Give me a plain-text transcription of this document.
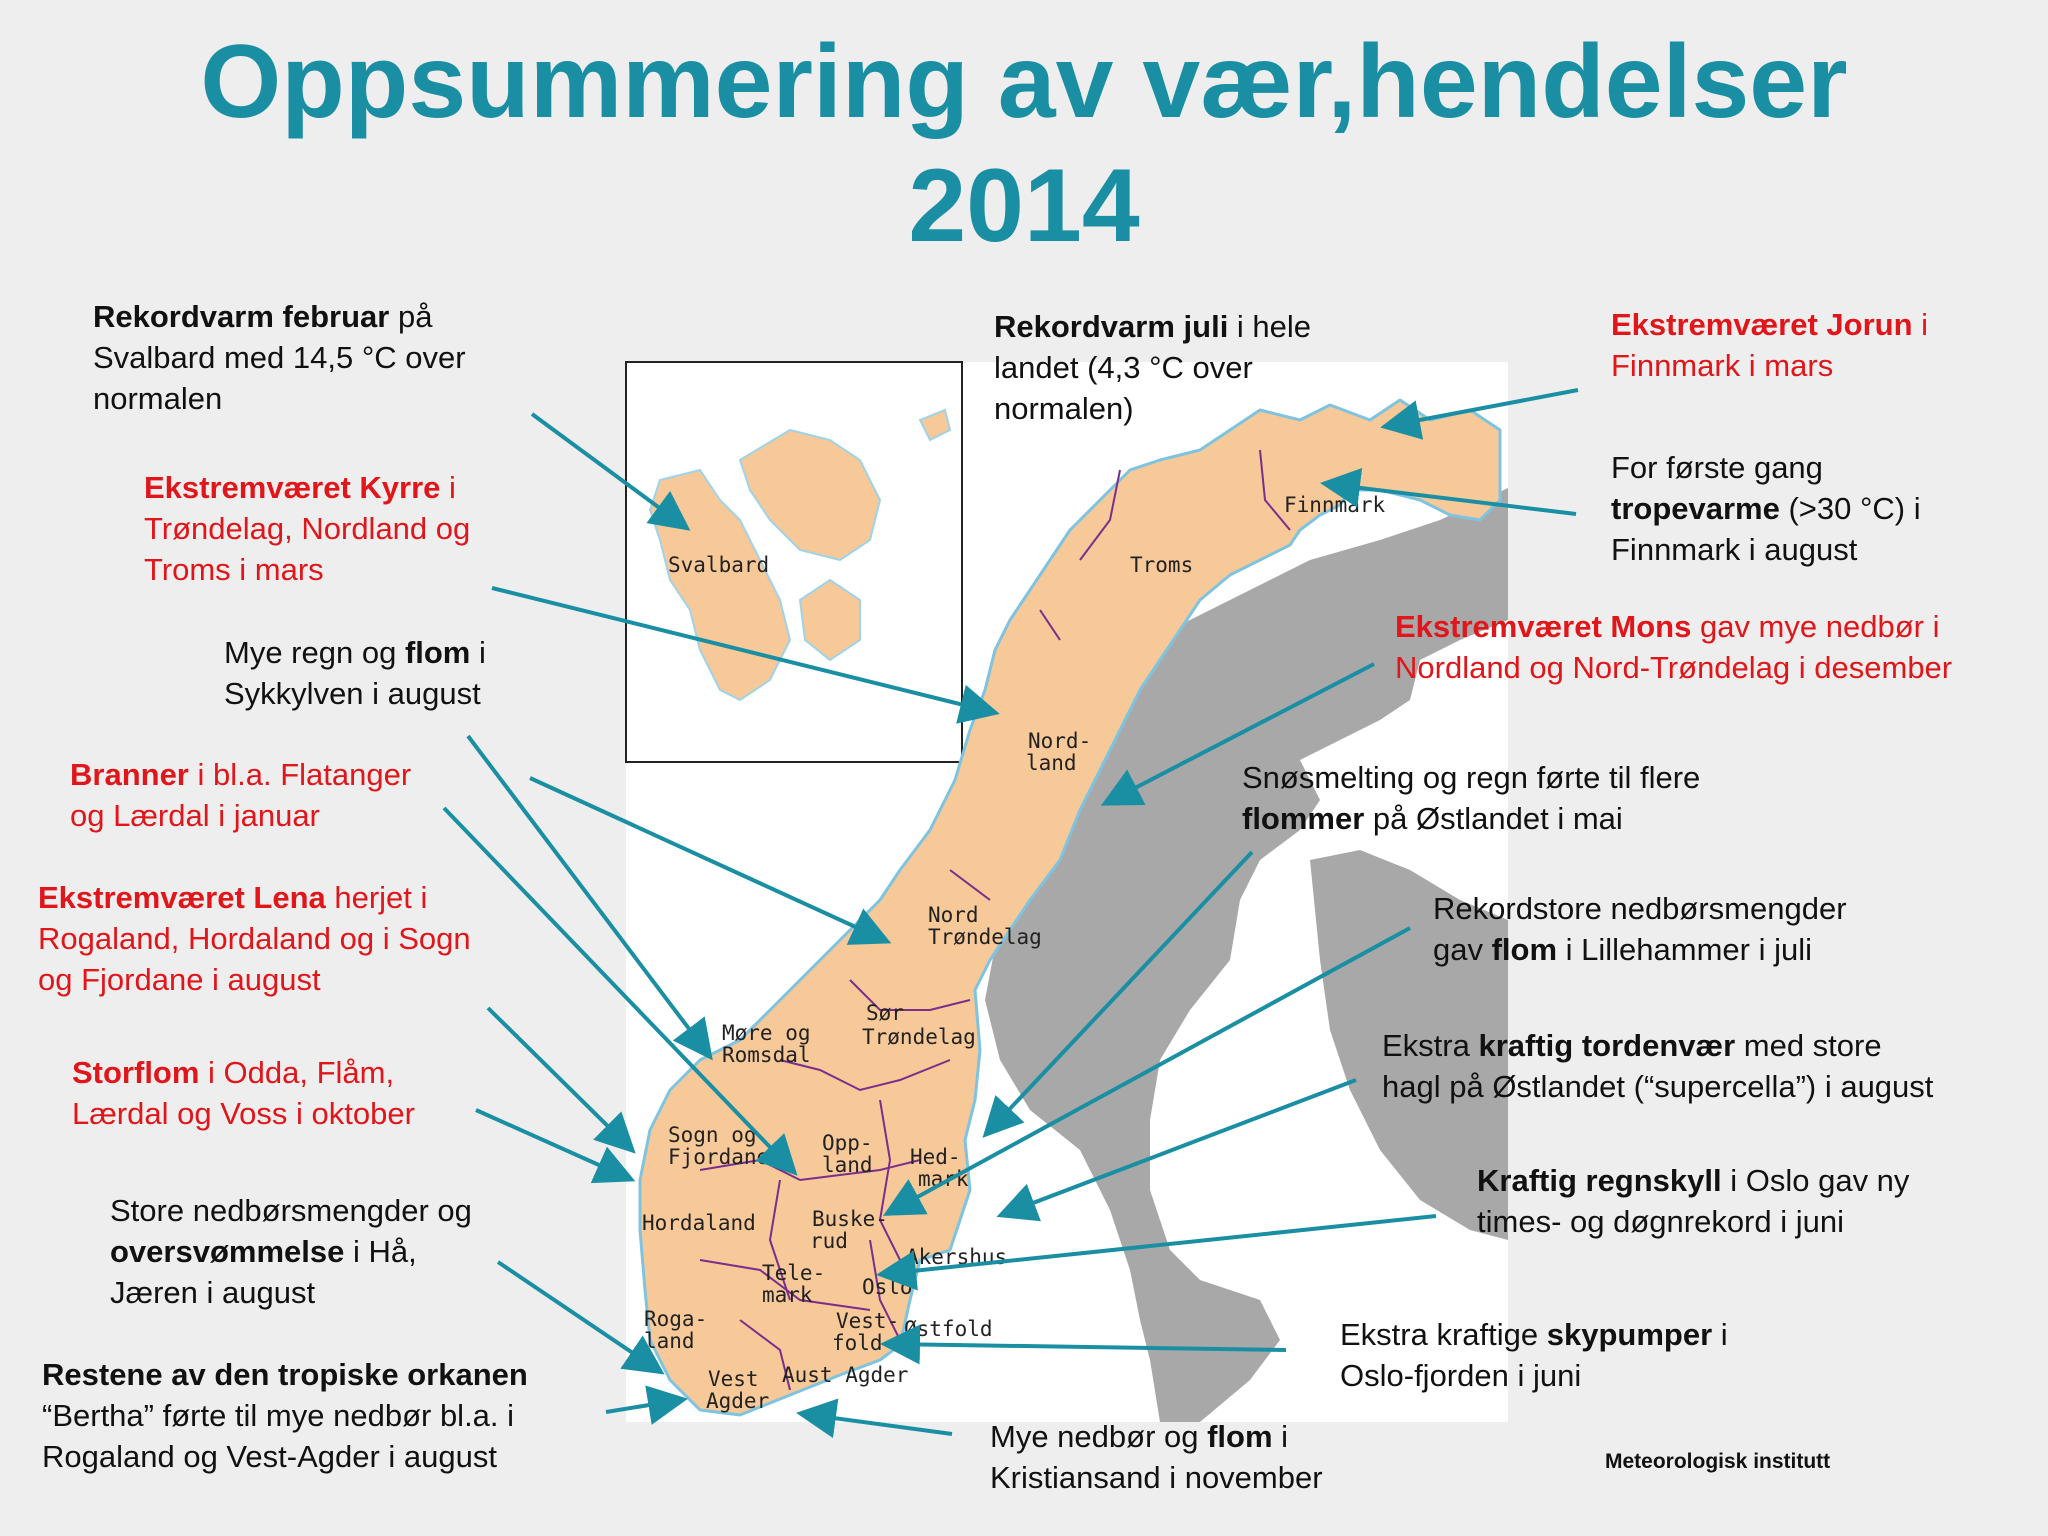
Oppsummering av vær,hendelser
2014
Svalbard
Finnmark
Troms
Nord-
land
Nord
Trøndelag
Sør
Trøndelag
Møre og
Romsdal
Sogn og
Fjordane
Opp-
land Hed-
mark
Hordaland	Buske-
rud
Akershus
Tele-
mark Oslo
Roga-
land
Vest-
fold
Østfold
Aust Agder
Vest
Agder
Rekordvarm februar på
Svalbard med 14,5 °C over
normalen
Ekstremværet Kyrre i
Trøndelag, Nordland og
Troms i mars
Mye regn og flom i
Sykkylven i august
Branner i bl.a. Flatanger
og Lærdal i januar
Ekstremværet Lena herjet i
Rogaland, Hordaland og i Sogn
og Fjordane i august
Storflom i Odda, Flåm,
Lærdal og Voss i oktober
Store nedbørsmengder og
oversvømmelse i Hå,
Jæren i august
Restene av den tropiske orkanen
“Bertha” førte til mye nedbør bl.a. i
Rogaland og Vest-Agder i august
Rekordvarm juli i hele
landet (4,3 °C over
normalen)
Ekstremværet Jorun i
Finnmark i mars
For første gang
tropevarme (>30 °C) i
Finnmark i august
Ekstremværet Mons gav mye nedbør i
Nordland og Nord-Trøndelag i desember
Snøsmelting og regn førte til flere
flommer på Østlandet i mai
Rekordstore nedbørsmengder
gav flom i Lillehammer i juli
Ekstra kraftig tordenvær med store
hagl på Østlandet (“supercella”) i august
Kraftig regnskyll i Oslo gav ny
times- og døgnrekord i juni
Ekstra kraftige skypumper i
Oslo-fjorden i juni
Mye nedbør og flom i
Kristiansand i november	Meteorologisk institutt
